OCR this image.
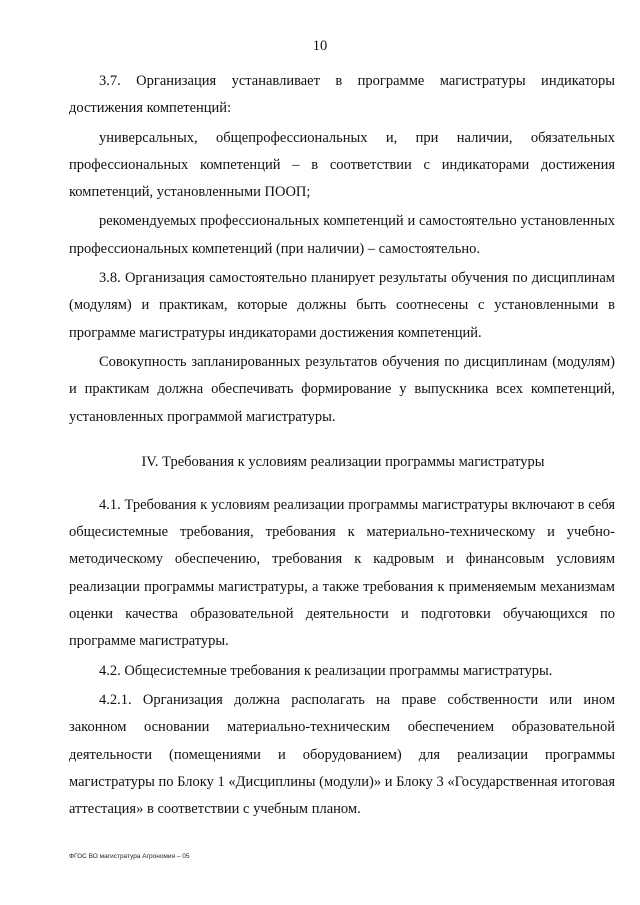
10

3.7. Организация устанавливает в программе магистратуры индикаторы достижения компетенций:

универсальных, общепрофессиональных и, при наличии, обязательных профессиональных компетенций – в соответствии с индикаторами достижения компетенций, установленными ПООП;

рекомендуемых профессиональных компетенций и самостоятельно установленных профессиональных компетенций (при наличии) – самостоятельно.

3.8. Организация самостоятельно планирует результаты обучения по дисциплинам (модулям) и практикам, которые должны быть соотнесены с установленными в программе магистратуры индикаторами достижения компетенций.

Совокупность запланированных результатов обучения по дисциплинам (модулям) и практикам должна обеспечивать формирование у выпускника всех компетенций, установленных программой магистратуры.

IV. Требования к условиям реализации программы магистратуры

4.1. Требования к условиям реализации программы магистратуры включают в себя общесистемные требования, требования к материально-техническому и учебно-методическому обеспечению, требования к кадровым и финансовым условиям реализации программы магистратуры, а также требования к применяемым механизмам оценки качества образовательной деятельности и подготовки обучающихся по программе магистратуры.

4.2. Общесистемные требования к реализации программы магистратуры.

4.2.1. Организация должна располагать на праве собственности или ином законном основании материально-техническим обеспечением образовательной деятельности (помещениями и оборудованием) для реализации программы магистратуры по Блоку 1 «Дисциплины (модули)» и Блоку 3 «Государственная итоговая аттестация» в соответствии с учебным планом.

ФГОС ВО магистратура Агрономия – 05
